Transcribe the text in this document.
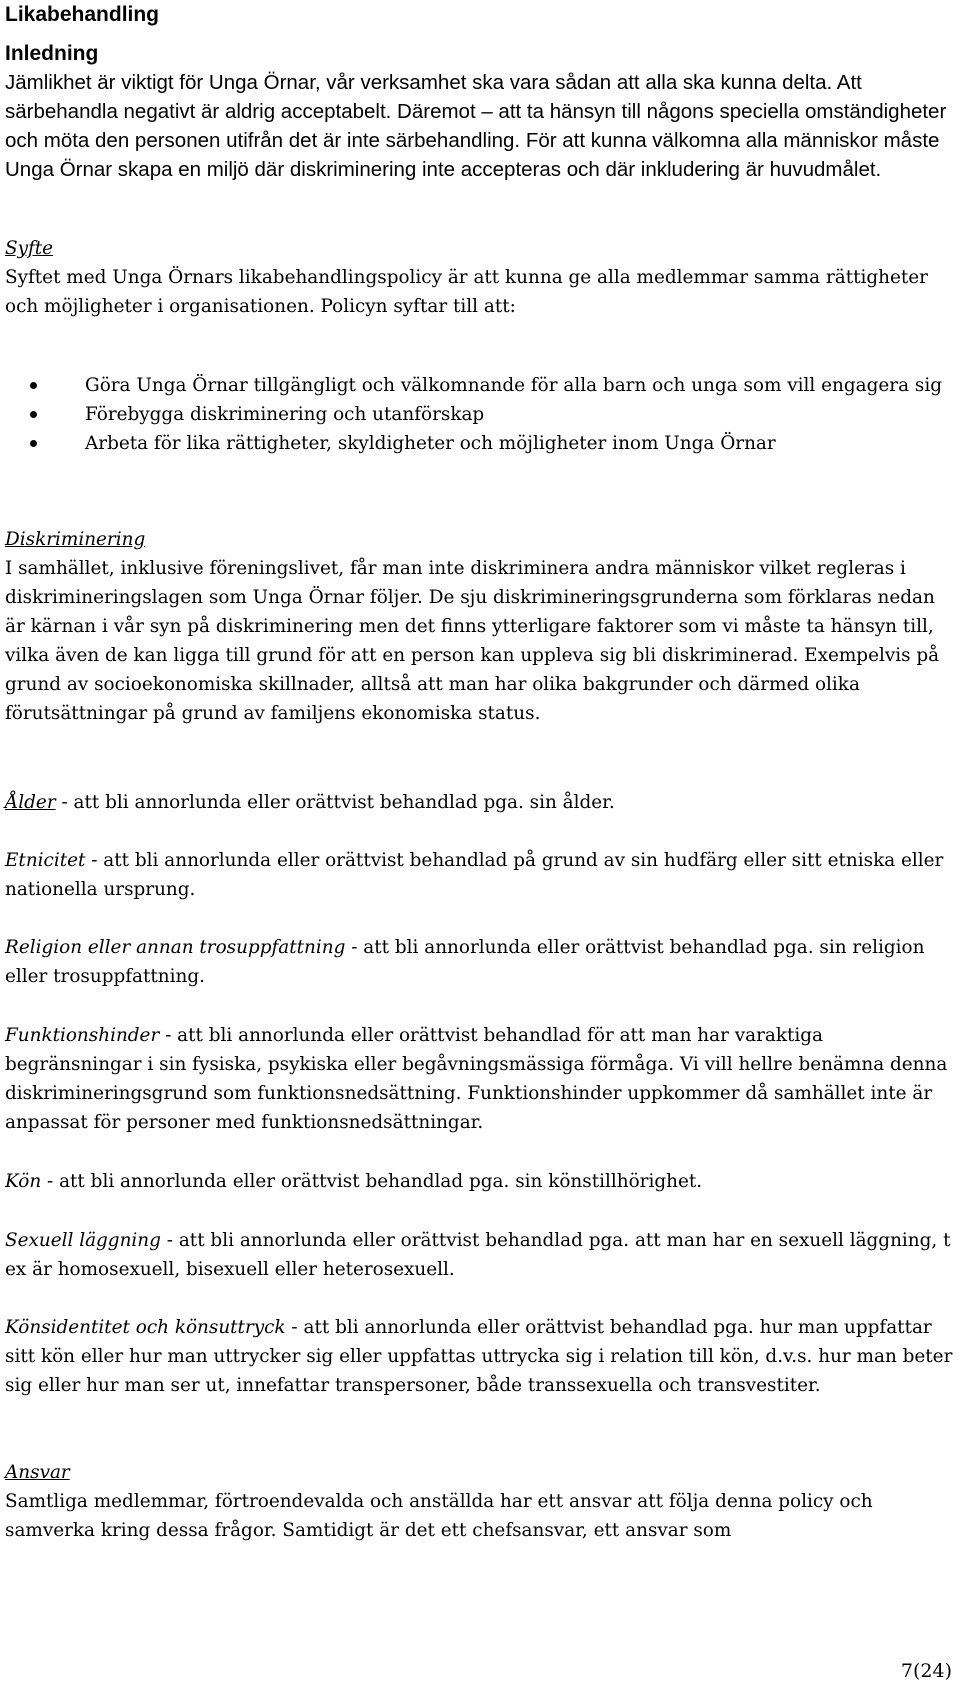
Likabehandling
Inledning

Jämlikhet är viktigt för Unga Örnar, vår verksamhet ska vara sådan att alla ska kunna delta. Att särbehandla negativt är aldrig acceptabelt. Däremot – att ta hänsyn till någons speciella omständigheter och möta den personen utifrån det är inte särbehandling. För att kunna välkomna alla människor måste Unga Örnar skapa en miljö där diskriminering inte accepteras och där inkludering är huvudmålet.

Syfte

Syftet med Unga Örnars likabehandlingspolicy är att kunna ge alla medlemmar samma rättigheter och möjligheter i organisationen. Policyn syftar till att:

Göra Unga Örnar tillgängligt och välkomnande för alla barn och unga som vill engagera sig
Förebygga diskriminering och utanförskap
Arbeta för lika rättigheter, skyldigheter och möjligheter inom Unga Örnar
Diskriminering

I samhället, inklusive föreningslivet, får man inte diskriminera andra människor vilket regleras i diskrimineringslagen som Unga Örnar följer. De sju diskrimineringsgrunderna som förklaras nedan är kärnan i vår syn på diskriminering men det finns ytterligare faktorer som vi måste ta hänsyn till, vilka även de kan ligga till grund för att en person kan uppleva sig bli diskriminerad. Exempelvis på grund av socioekonomiska skillnader, alltså att man har olika bakgrunder och därmed olika förutsättningar på grund av familjens ekonomiska status.

Ålder - att bli annorlunda eller orättvist behandlad pga. sin ålder.

Etnicitet - att bli annorlunda eller orättvist behandlad på grund av sin hudfärg eller sitt etniska eller nationella ursprung.

Religion eller annan trosuppfattning - att bli annorlunda eller orättvist behandlad pga. sin religion eller trosuppfattning.

Funktionshinder - att bli annorlunda eller orättvist behandlad för att man har varaktiga begränsningar i sin fysiska, psykiska eller begåvningsmässiga förmåga. Vi vill hellre benämna denna diskrimineringsgrund som funktionsnedsättning. Funktionshinder uppkommer då samhället inte är anpassat för personer med funktionsnedsättningar.

Kön - att bli annorlunda eller orättvist behandlad pga. sin könstillhörighet.

Sexuell läggning - att bli annorlunda eller orättvist behandlad pga. att man har en sexuell läggning, t ex är homosexuell, bisexuell eller heterosexuell.

Könsidentitet och könsuttryck - att bli annorlunda eller orättvist behandlad pga. hur man uppfattar sitt kön eller hur man uttrycker sig eller uppfattas uttrycka sig i relation till kön, d.v.s. hur man beter sig eller hur man ser ut, innefattar transpersoner, både transsexuella och transvestiter.

Ansvar

Samtliga medlemmar, förtroendevalda och anställda har ett ansvar att följa denna policy och samverka kring dessa frågor. Samtidigt är det ett chefsansvar, ett ansvar som

7(24)
